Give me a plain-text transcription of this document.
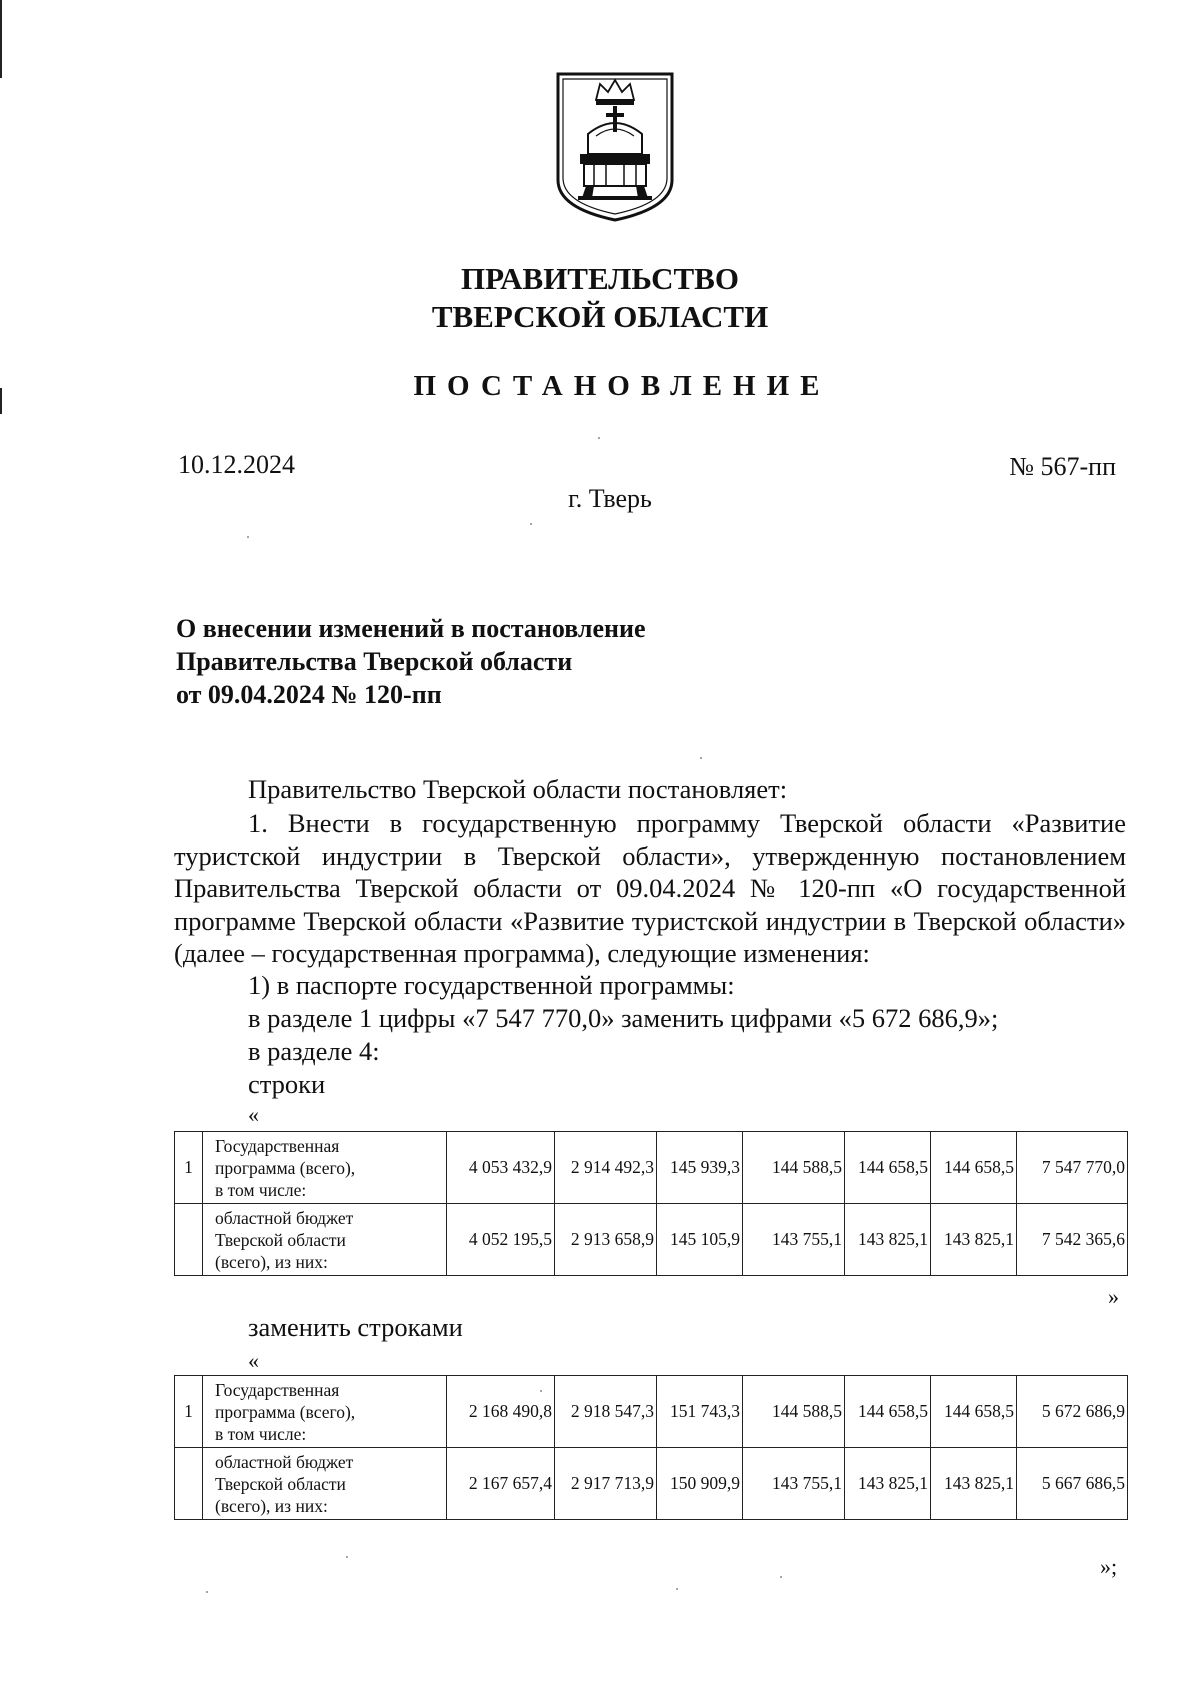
ПРАВИТЕЛЬСТВО
ТВЕРСКОЙ ОБЛАСТИ
ПОСТАНОВЛЕНИЕ
10.12.2024	№ 567-пп
г. Тверь
О внесении изменений в постановление
Правительства Тверской области
от 09.04.2024 № 120-пп
Правительство Тверской области постановляет:
1. Внести в государственную программу Тверской области «Развитие туристской индустрии в Тверской области», утвержденную постановлением Правительства Тверской области от 09.04.2024 № 120-пп «О государственной программе Тверской области «Развитие туристской индустрии в Тверской области» (далее – государственная программа), следующие изменения:
1) в паспорте государственной программы:
в разделе 1 цифры «7 547 770,0» заменить цифрами «5 672 686,9»;
в разделе 4:
строки
«
1	Государственная
программа (всего),
в том числе:	4 053 432,9	2 914 492,3	145 939,3	144 588,5	144 658,5	144 658,5	7 547 770,0

	областной бюджет
Тверской области
(всего), из них:	4 052 195,5	2 913 658,9	145 105,9	143 755,1	143 825,1	143 825,1	7 542 365,6
»
заменить строками
«
1	Государственная
программа (всего),
в том числе:	2 168 490,8	2 918 547,3	151 743,3	144 588,5	144 658,5	144 658,5	5 672 686,9

	областной бюджет
Тверской области
(всего), из них:	2 167 657,4	2 917 713,9	150 909,9	143 755,1	143 825,1	143 825,1	5 667 686,5
»;
